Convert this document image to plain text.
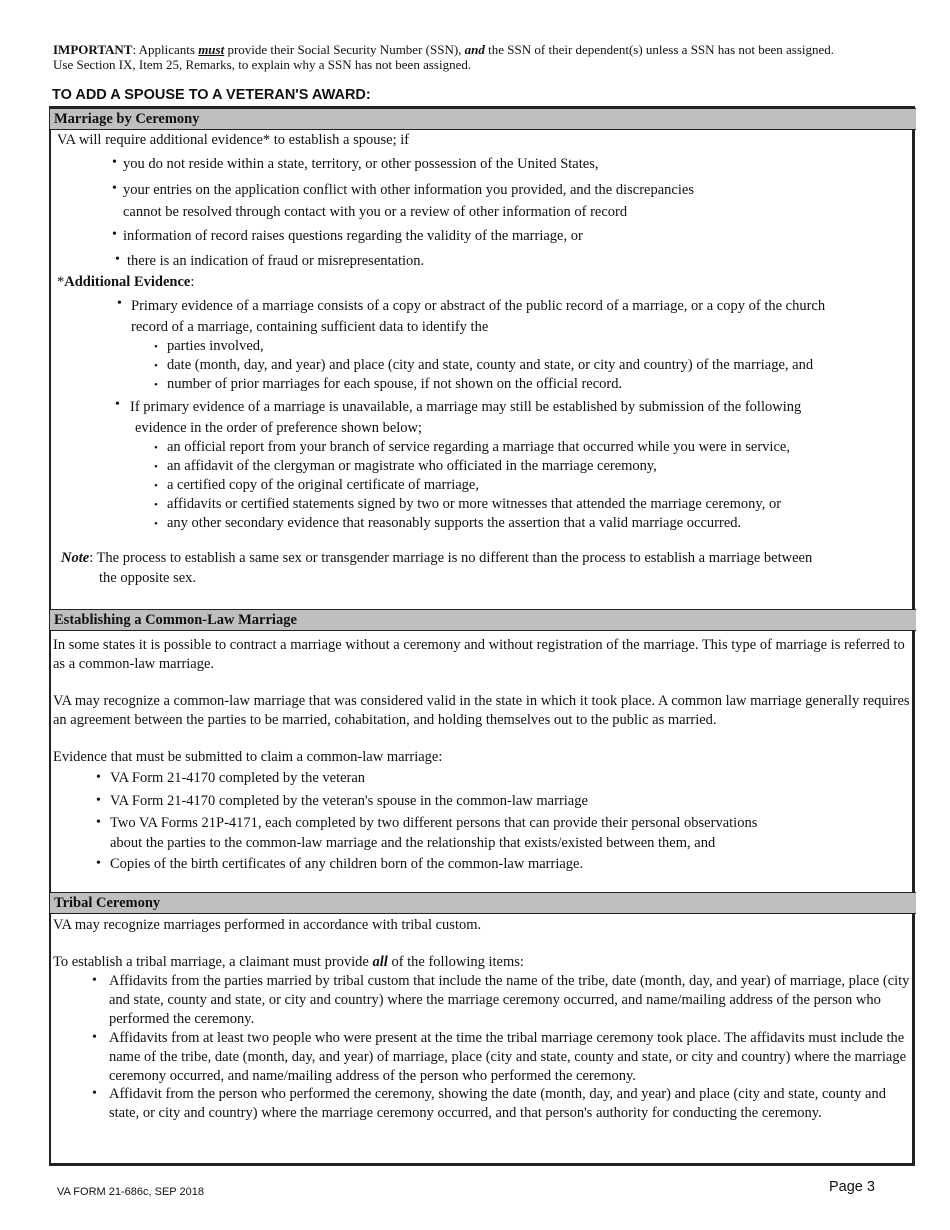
IMPORTANT: Applicants must provide their Social Security Number (SSN), and the SSN of their dependent(s) unless a SSN has not been assigned.
Use Section IX, Item 25, Remarks, to explain why a SSN has not been assigned.
TO ADD A SPOUSE TO A VETERAN'S AWARD:
Marriage by Ceremony
VA will require additional evidence* to establish a spouse; if
• you do not reside within a state, territory, or other possession of the United States,
• your entries on the application conflict with other information you provided, and the discrepancies
cannot be resolved through contact with you or a review of other information of record
• information of record raises questions regarding the validity of the marriage, or
• there is an indication of fraud or misrepresentation.
*Additional Evidence:
• Primary evidence of a marriage consists of a copy or abstract of the public record of a marriage, or a copy of the church
record of a marriage, containing sufficient data to identify the
• parties involved,
• date (month, day, and year) and place (city and state, county and state, or city and country) of the marriage, and
• number of prior marriages for each spouse, if not shown on the official record.
• If primary evidence of a marriage is unavailable, a marriage may still be established by submission of the following
evidence in the order of preference shown below;
• an official report from your branch of service regarding a marriage that occurred while you were in service,
• an affidavit of the clergyman or magistrate who officiated in the marriage ceremony,
• a certified copy of the original certificate of marriage,
• affidavits or certified statements signed by two or more witnesses that attended the marriage ceremony, or
• any other secondary evidence that reasonably supports the assertion that a valid marriage occurred.
Note: The process to establish a same sex or transgender marriage is no different than the process to establish a marriage between
the opposite sex.
Establishing a Common-Law Marriage
In some states it is possible to contract a marriage without a ceremony and without registration of the marriage. This type of marriage is referred to as a common-law marriage.
VA may recognize a common-law marriage that was considered valid in the state in which it took place. A common law marriage generally requires an agreement between the parties to be married, cohabitation, and holding themselves out to the public as married.
Evidence that must be submitted to claim a common-law marriage:
• VA Form 21-4170 completed by the veteran
• VA Form 21-4170 completed by the veteran's spouse in the common-law marriage
• Two VA Forms 21P-4171, each completed by two different persons that can provide their personal observations
about the parties to the common-law marriage and the relationship that exists/existed between them, and
• Copies of the birth certificates of any children born of the common-law marriage.
Tribal Ceremony
VA may recognize marriages performed in accordance with tribal custom.
To establish a tribal marriage, a claimant must provide all of the following items:
• Affidavits from the parties married by tribal custom that include the name of the tribe, date (month, day, and year) of marriage, place (city and state, county and state, or city and country) where the marriage ceremony occurred, and name/mailing address of the person who performed the ceremony.
• Affidavits from at least two people who were present at the time the tribal marriage ceremony took place. The affidavits must include the name of the tribe, date (month, day, and year) of marriage, place (city and state, county and state, or city and country) where the marriage ceremony occurred, and name/mailing address of the person who performed the ceremony.
• Affidavit from the person who performed the ceremony, showing the date (month, day, and year) and place (city and state, county and state, or city and country) where the marriage ceremony occurred, and that person's authority for conducting the ceremony.
VA FORM 21-686c, SEP 2018	Page 3
